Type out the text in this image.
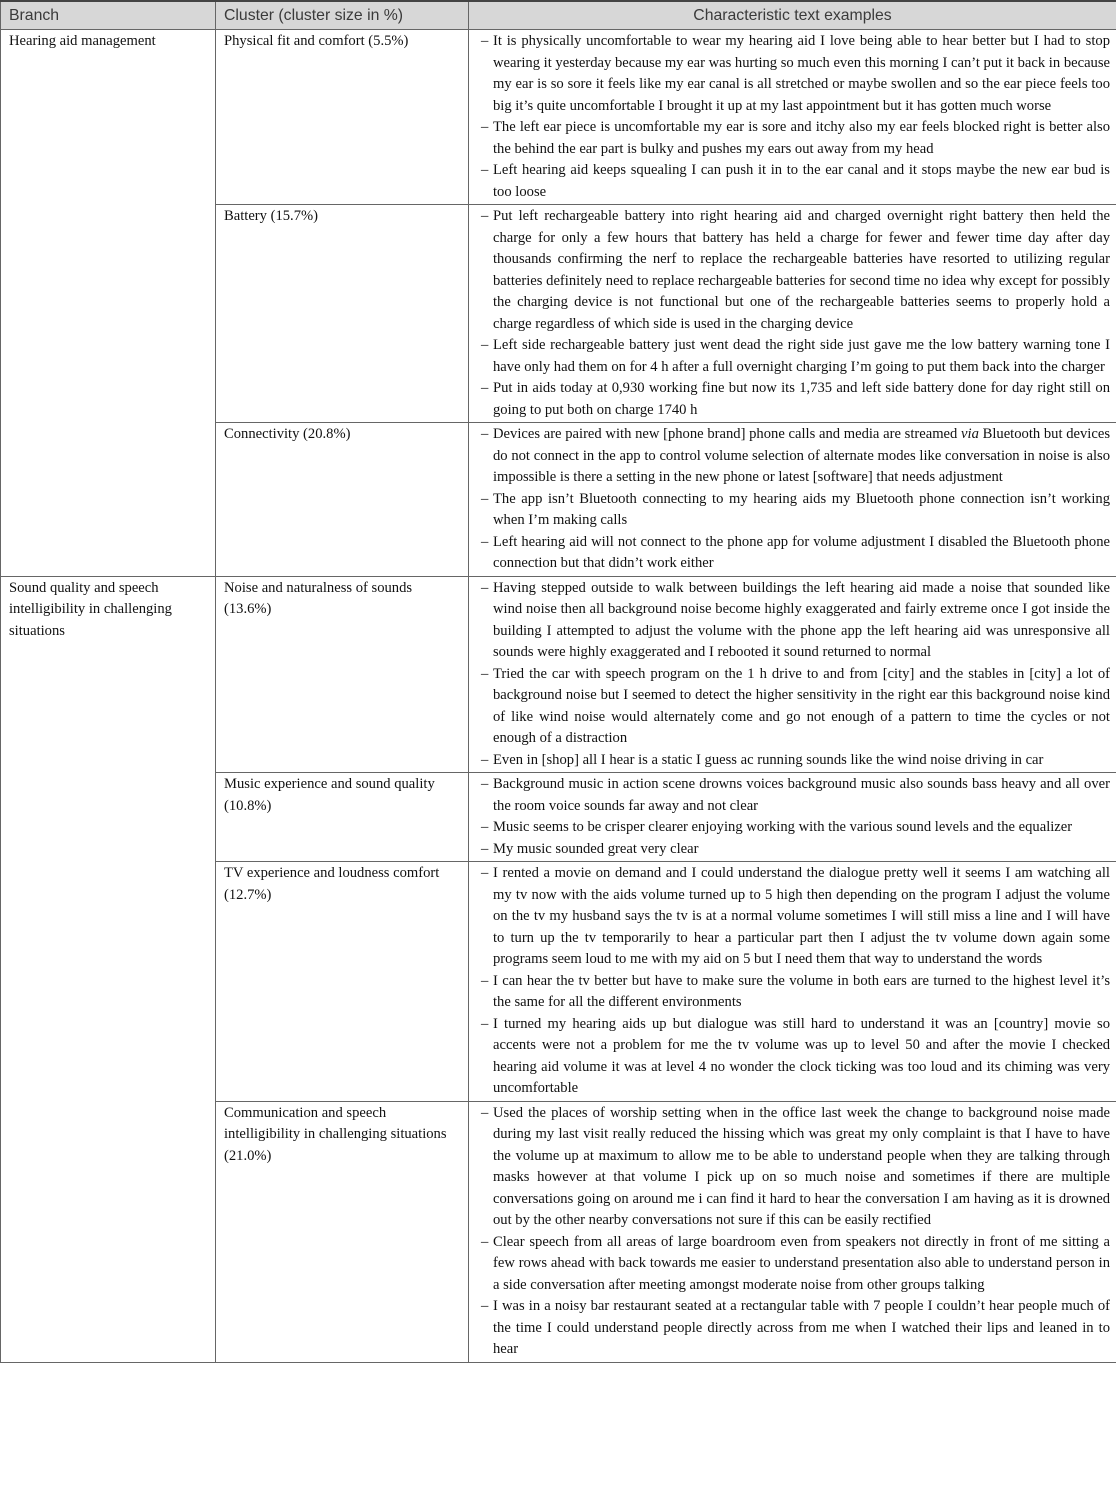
Branch	Cluster (cluster size in %)	Characteristic text examples
Hearing aid management	Physical fit and comfort (5.5%)	– It is physically uncomfortable to wear my hearing aid I love being able to hear better but I had to stop wearing it yesterday because my ear was hurting so much even this morning I can’t put it back in because my ear is so sore it feels like my ear canal is all stretched or maybe swollen and so the ear piece feels too big it’s quite uncomfortable I brought it up at my last appointment but it has gotten much worse

– The left ear piece is uncomfortable my ear is sore and itchy also my ear feels blocked right is better also the behind the ear part is bulky and pushes my ears out away from my head

– Left hearing aid keeps squealing I can push it in to the ear canal and it stops maybe the new ear bud is too loose

	Battery (15.7%)	– Put left rechargeable battery into right hearing aid and charged overnight right battery then held the charge for only a few hours that battery has held a charge for fewer and fewer time day after day thousands confirming the nerf to replace the rechargeable batteries have resorted to utilizing regular batteries definitely need to replace rechargeable batteries for second time no idea why except for possibly the charging device is not functional but one of the rechargeable batteries seems to properly hold a charge regardless of which side is used in the charging device

– Left side rechargeable battery just went dead the right side just gave me the low battery warning tone I have only had them on for 4 h after a full overnight charging I’m going to put them back into the charger

– Put in aids today at 0,930 working fine but now its 1,735 and left side battery done for day right still on going to put both on charge 1740 h

	Connectivity (20.8%)	– Devices are paired with new [phone brand] phone calls and media are streamed via Bluetooth but devices do not connect in the app to control volume selection of alternate modes like conversation in noise is also impossible is there a setting in the new phone or latest [software] that needs adjustment

– The app isn’t Bluetooth connecting to my hearing aids my Bluetooth phone connection isn’t working when I’m making calls

– Left hearing aid will not connect to the phone app for volume adjustment I disabled the Bluetooth phone connection but that didn’t work either

Sound quality and speech intelligibility in challenging situations	Noise and naturalness of sounds (13.6%)	– Having stepped outside to walk between buildings the left hearing aid made a noise that sounded like wind noise then all background noise become highly exaggerated and fairly extreme once I got inside the building I attempted to adjust the volume with the phone app the left hearing aid was unresponsive all sounds were highly exaggerated and I rebooted it sound returned to normal

– Tried the car with speech program on the 1 h drive to and from [city] and the stables in [city] a lot of background noise but I seemed to detect the higher sensitivity in the right ear this background noise kind of like wind noise would alternately come and go not enough of a pattern to time the cycles or not enough of a distraction

– Even in [shop] all I hear is a static I guess ac running sounds like the wind noise driving in car

	Music experience and sound quality (10.8%)	– Background music in action scene drowns voices background music also sounds bass heavy and all over the room voice sounds far away and not clear

– Music seems to be crisper clearer enjoying working with the various sound levels and the equalizer

– My music sounded great very clear

	TV experience and loudness comfort (12.7%)	– I rented a movie on demand and I could understand the dialogue pretty well it seems I am watching all my tv now with the aids volume turned up to 5 high then depending on the program I adjust the volume on the tv my husband says the tv is at a normal volume sometimes I will still miss a line and I will have to turn up the tv temporarily to hear a particular part then I adjust the tv volume down again some programs seem loud to me with my aid on 5 but I need them that way to understand the words

– I can hear the tv better but have to make sure the volume in both ears are turned to the highest level it’s the same for all the different environments

– I turned my hearing aids up but dialogue was still hard to understand it was an [country] movie so accents were not a problem for me the tv volume was up to level 50 and after the movie I checked hearing aid volume it was at level 4 no wonder the clock ticking was too loud and its chiming was very uncomfortable

	Communication and speech intelligibility in challenging situations (21.0%)	– Used the places of worship setting when in the office last week the change to background noise made during my last visit really reduced the hissing which was great my only complaint is that I have to have the volume up at maximum to allow me to be able to understand people when they are talking through masks however at that volume I pick up on so much noise and sometimes if there are multiple conversations going on around me i can find it hard to hear the conversation I am having as it is drowned out by the other nearby conversations not sure if this can be easily rectified

– Clear speech from all areas of large boardroom even from speakers not directly in front of me sitting a few rows ahead with back towards me easier to understand presentation also able to understand person in a side conversation after meeting amongst moderate noise from other groups talking

– I was in a noisy bar restaurant seated at a rectangular table with 7 people I couldn’t hear people much of the time I could understand people directly across from me when I watched their lips and leaned in to hear
